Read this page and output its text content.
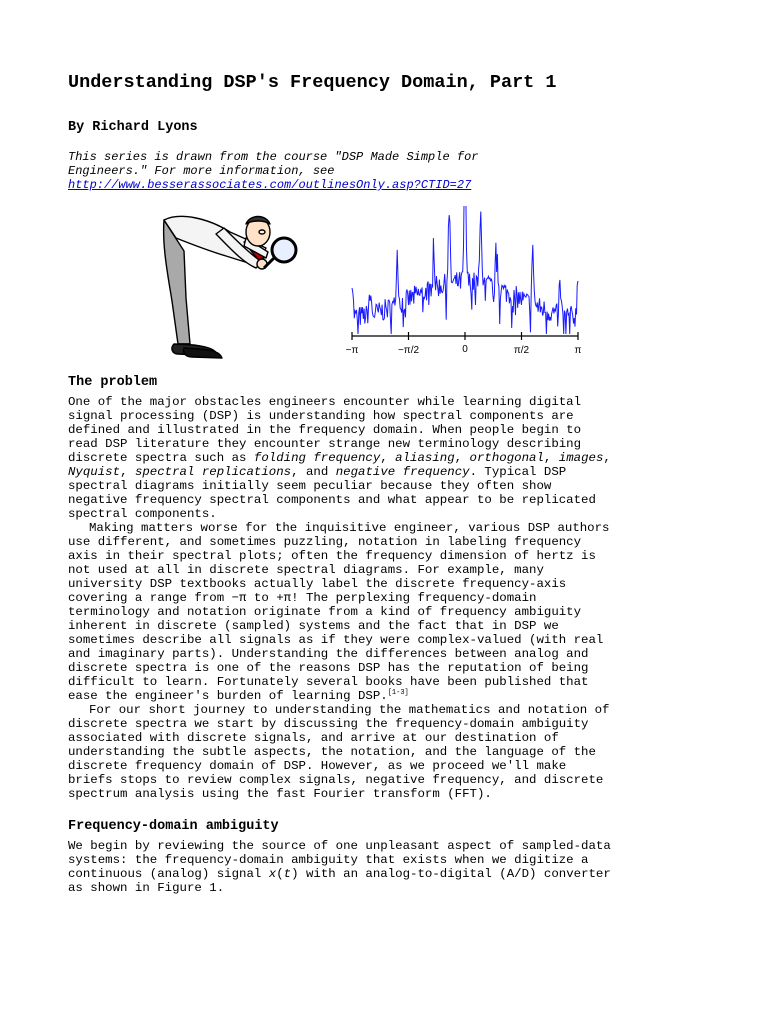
Understanding DSP's Frequency Domain, Part 1
By Richard Lyons
This series is drawn from the course "DSP Made Simple for Engineers." For more information, see
http://www.besserassociates.com/outlinesOnly.asp?CTID=27
−π	−π/2	0	π/2	π
The problem

One of the major obstacles engineers encounter while learning digital signal processing (DSP) is understanding how spectral components are defined and illustrated in the frequency domain. When people begin to read DSP literature they encounter strange new terminology describing discrete spectra such as folding frequency, aliasing, orthogonal, images, Nyquist, spectral replications, and negative frequency. Typical DSP spectral diagrams initially seem peculiar because they often show negative frequency spectral components and what appear to be replicated spectral components.

Making matters worse for the inquisitive engineer, various DSP authors use different, and sometimes puzzling, notation in labeling frequency axis in their spectral plots; often the frequency dimension of hertz is not used at all in discrete spectral diagrams. For example, many university DSP textbooks actually label the discrete frequency-axis covering a range from −π to +π! The perplexing frequency-domain terminology and notation originate from a kind of frequency ambiguity inherent in discrete (sampled) systems and the fact that in DSP we sometimes describe all signals as if they were complex-valued (with real and imaginary parts). Understanding the differences between analog and discrete spectra is one of the reasons DSP has the reputation of being difficult to learn. Fortunately several books have been published that ease the engineer's burden of learning DSP.[1-3]

For our short journey to understanding the mathematics and notation of discrete spectra we start by discussing the frequency-domain ambiguity associated with discrete signals, and arrive at our destination of understanding the subtle aspects, the notation, and the language of the discrete frequency domain of DSP. However, as we proceed we'll make briefs stops to review complex signals, negative frequency, and discrete spectrum analysis using the fast Fourier transform (FFT).

Frequency-domain ambiguity

We begin by reviewing the source of one unpleasant aspect of sampled-data systems: the frequency-domain ambiguity that exists when we digitize a continuous (analog) signal x(t) with an analog-to-digital (A/D) converter as shown in Figure 1.
